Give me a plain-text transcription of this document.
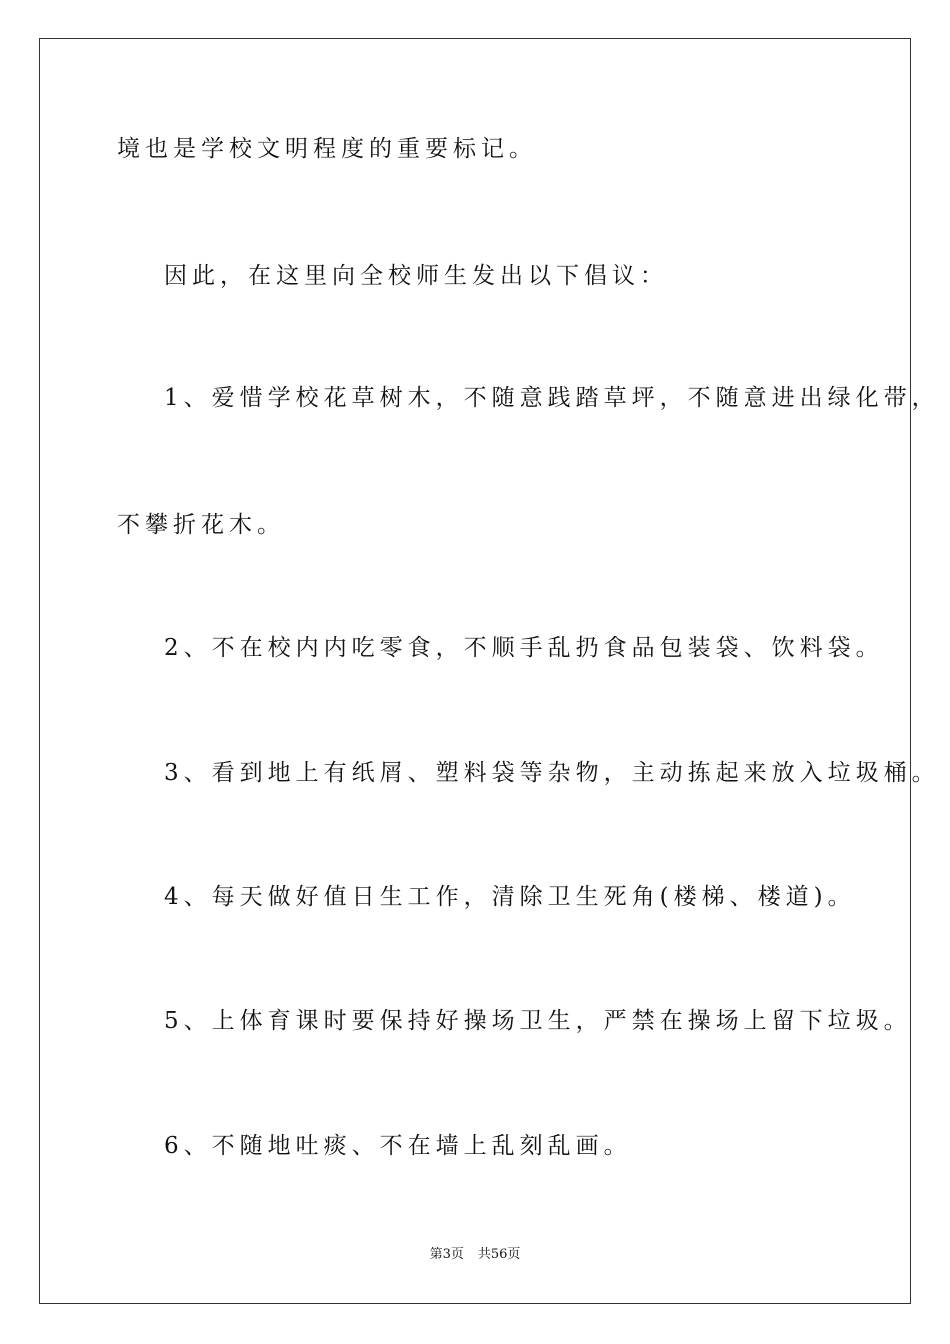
境也是学校文明程度的重要标记。
因此，在这里向全校师生发出以下倡议：
1、爱惜学校花草树木，不随意践踏草坪，不随意进出绿化带，
不攀折花木。
2、不在校内内吃零食，不顺手乱扔食品包装袋、饮料袋。
3、看到地上有纸屑、塑料袋等杂物，主动拣起来放入垃圾桶。
4、每天做好值日生工作，清除卫生死角(楼梯、楼道)。
5、上体育课时要保持好操场卫生，严禁在操场上留下垃圾。
6、不随地吐痰、不在墙上乱刻乱画。
第3页 共56页
